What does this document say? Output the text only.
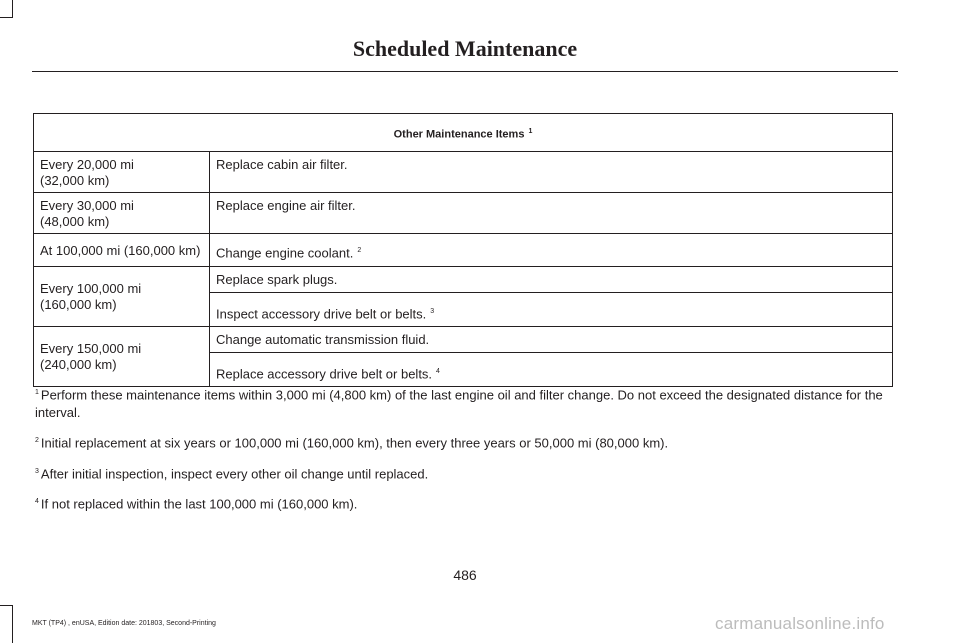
Scheduled Maintenance
Other Maintenance Items $^1$
Every 20,000 mi
(32,000 km)	Replace cabin air filter.
Every 30,000 mi
(48,000 km)	Replace engine air filter.
At 100,000 mi (160,000 km)	Change engine coolant. $^2$
Every 100,000 mi
(160,000 km)	Replace spark plugs.
	Inspect accessory drive belt or belts. $^3$
Every 150,000 mi
(240,000 km)	Change automatic transmission fluid.
	Replace accessory drive belt or belts. $^4$

$^1$ Perform these maintenance items within 3,000 mi (4,800 km) of the last engine oil and filter change. Do not exceed the designated distance for the interval.

$^2$ Initial replacement at six years or 100,000 mi (160,000 km), then every three years or 50,000 mi (80,000 km).

$^3$ After initial inspection, inspect every other oil change until replaced.

$^4$ If not replaced within the last 100,000 mi (160,000 km).

486
MKT (TP4) , enUSA, Edition date: 201803, Second-Printing	carmanualsonline.info
